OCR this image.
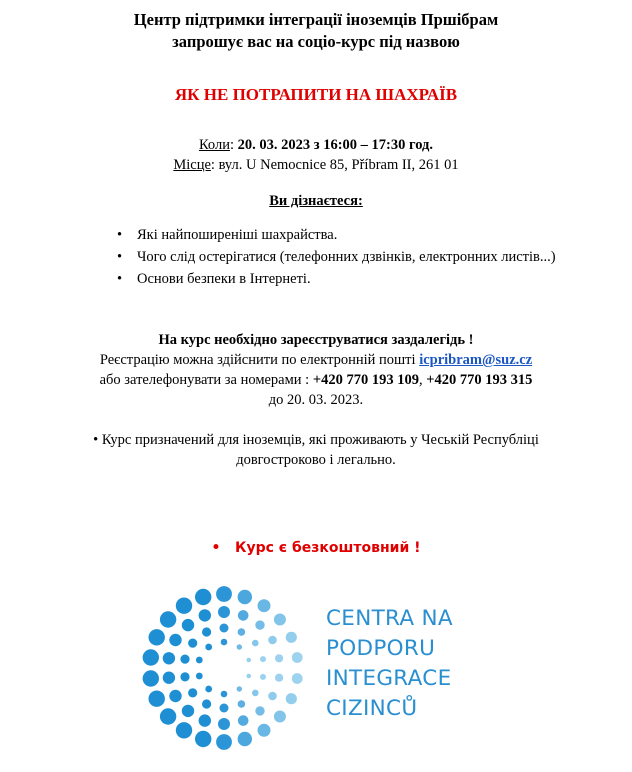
Центр підтримки інтеграції іноземців Пршібрам
запрошує вас на соціо-курс під назвою
ЯК НЕ ПОТРАПИТИ НА ШАХРАЇВ
Коли: 20. 03. 2023 з 16:00 – 17:30 год.
Місце: вул. U Nemocnice 85, Příbram II, 261 01
Ви дізнаєтеся:
• Які найпоширеніші шахрайства.
• Чого слід остерігатися (телефонних дзвінків, електронних листів...)
• Основи безпеки в Інтернеті.
На курс необхідно зареєструватися заздалегідь !
Реєстрацію можна здійснити по електронній пошті icpribram@suz.cz
або зателефонувати за номерами : +420 770 193 109, +420 770 193 315
до 20. 03. 2023.
• Курс призначений для іноземців, які проживають у Чеській Республіці
довгостроково і легально.
• Курс є безкоштовний !
CENTRA NA
PODPORU
INTEGRACE
CIZINCŮ
